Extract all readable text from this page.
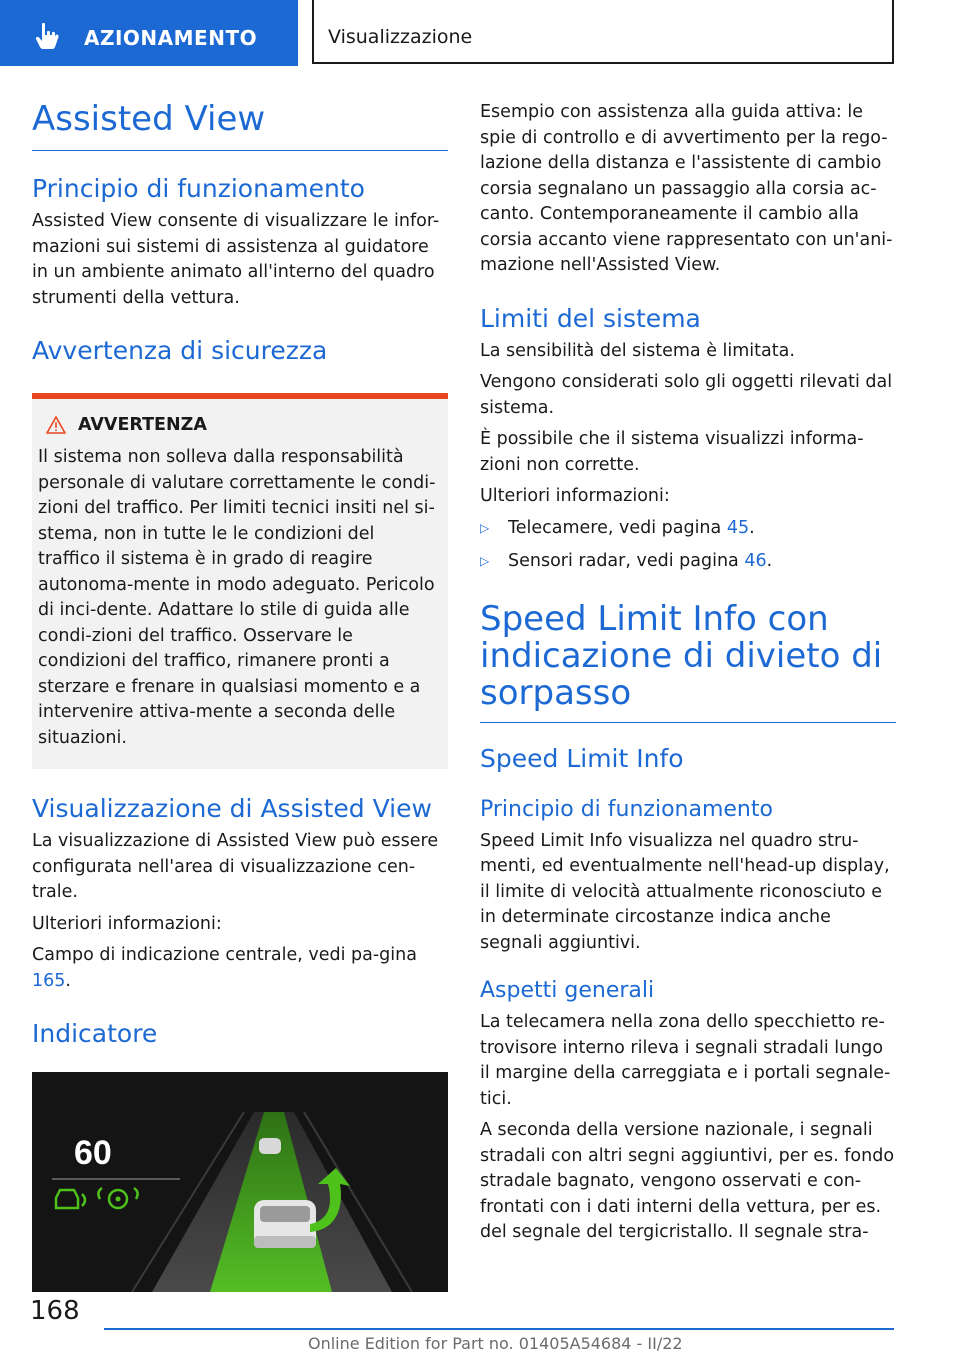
AZIONAMENTO	Visualizzazione
Assisted View
Principio di funzionamento

Assisted View consente di visualizzare le infor-mazioni sui sistemi di assistenza al guidatore in un ambiente animato all'interno del quadro strumenti della vettura.

Avvertenza di sicurezza
AVVERTENZA

Il sistema non solleva dalla responsabilità personale di valutare correttamente le condi-zioni del traffico. Per limiti tecnici insiti nel si-stema, non in tutte le le condizioni del traffico il sistema è in grado di reagire autonoma-mente in modo adeguato. Pericolo di inci-dente. Adattare lo stile di guida alle condi-zioni del traffico. Osservare le condizioni del traffico, rimanere pronti a sterzare e frenare in qualsiasi momento e a intervenire attiva-mente a seconda delle situazioni.

Visualizzazione di Assisted View

La visualizzazione di Assisted View può essere configurata nell'area di visualizzazione cen-trale.

Ulteriori informazioni:

Campo di indicazione centrale, vedi pa-gina 165.

Indicatore
60

Esempio con assistenza alla guida attiva: le spie di controllo e di avvertimento per la rego-lazione della distanza e l'assistente di cambio corsia segnalano un passaggio alla corsia ac-canto. Contemporaneamente il cambio alla corsia accanto viene rappresentato con un'ani-mazione nell'Assisted View.

Limiti del sistema

La sensibilità del sistema è limitata.

Vengono considerati solo gli oggetti rilevati dal sistema.

È possibile che il sistema visualizzi informa-zioni non corrette.

Ulteriori informazioni:

▷	Telecamere, vedi pagina 45.
▷	Sensori radar, vedi pagina 46.
Speed Limit Info con indicazione di divieto di sorpasso
Speed Limit Info
Principio di funzionamento

Speed Limit Info visualizza nel quadro stru-menti, ed eventualmente nell'head-up display, il limite di velocità attualmente riconosciuto e in determinate circostanze indica anche segnali aggiuntivi.

Aspetti generali

La telecamera nella zona dello specchietto re-trovisore interno rileva i segnali stradali lungo il margine della carreggiata e i portali segnale-tici.

A seconda della versione nazionale, i segnali stradali con altri segni aggiuntivi, per es. fondo stradale bagnato, vengono osservati e con-frontati con i dati interni della vettura, per es. del segnale del tergicristallo. Il segnale stra-

168
Online Edition for Part no. 01405A54684 - II/22
